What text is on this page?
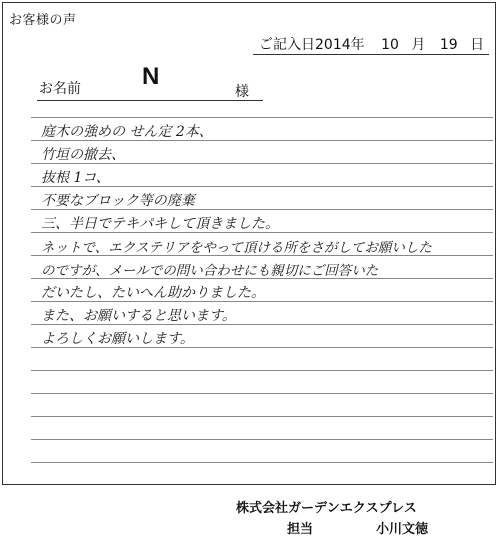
お客様の声
ご記入日2014年 10 月 19 日
お名前	N
様
庭木の強めの せん定 2本、
竹垣の撤去、
抜根 1コ、
不要なブロック等の廃棄
三、半日でテキパキして頂きました。
ネットで、エクステリアをやって頂ける所をさがしてお願いした
のですが、メールでの問い合わせにも親切にご回答いた
だいたし、たいへん助かりました。
また、お願いすると思います。
よろしくお願いします。
株式会社ガーデンエクスプレス
担当	小川文徳
